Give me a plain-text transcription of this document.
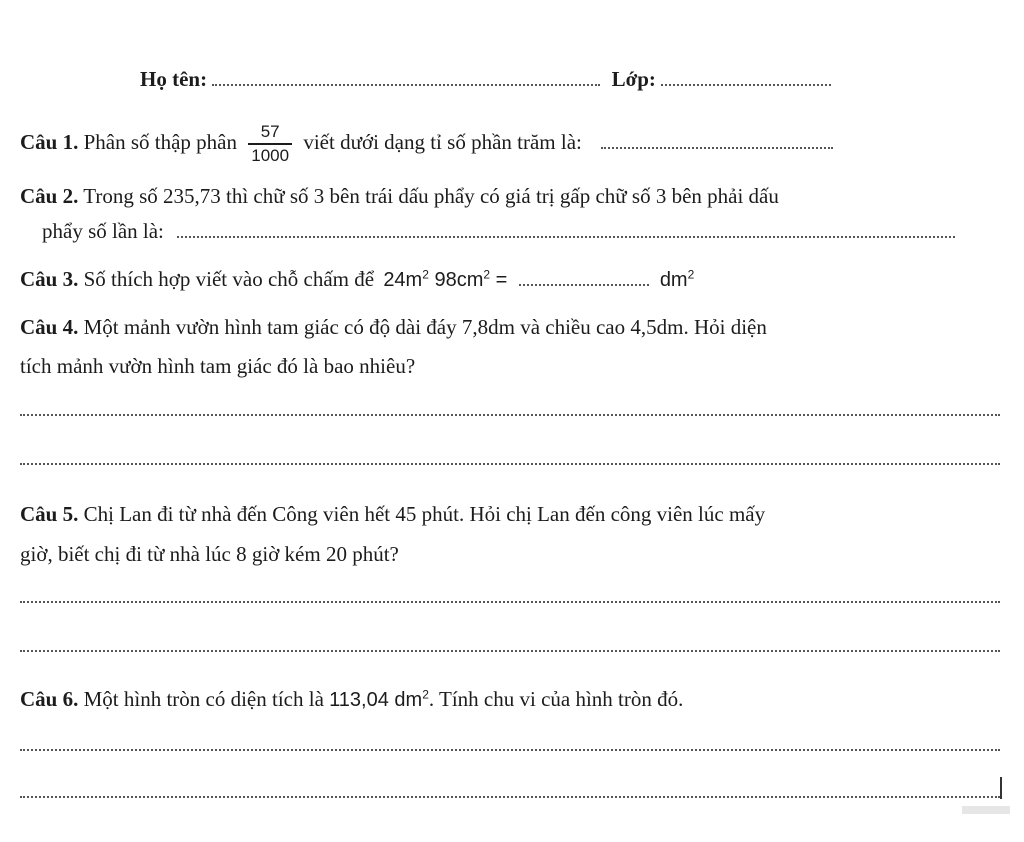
Họ tên:	Lớp:
Câu 1. Phân số thập phân $\frac{57}{1000}$ viết dưới dạng tỉ số phần trăm là:
Câu 2. Trong số 235,73 thì chữ số 3 bên trái dấu phẩy có giá trị gấp chữ số 3 bên phải dấu
phẩy số lần là:
Câu 3. Số thích hợp viết vào chỗ chấm để $24m^2$ $98cm^2$ =	$dm^2$
Câu 4. Một mảnh vườn hình tam giác có độ dài đáy 7,8dm và chiều cao 4,5dm. Hỏi diện
tích mảnh vườn hình tam giác đó là bao nhiêu?
Câu 5. Chị Lan đi từ nhà đến Công viên hết 45 phút. Hỏi chị Lan đến công viên lúc mấy
giờ, biết chị đi từ nhà lúc 8 giờ kém 20 phút?
Câu 6. Một hình tròn có diện tích là 113,04 $dm^2$. Tính chu vi của hình tròn đó.
